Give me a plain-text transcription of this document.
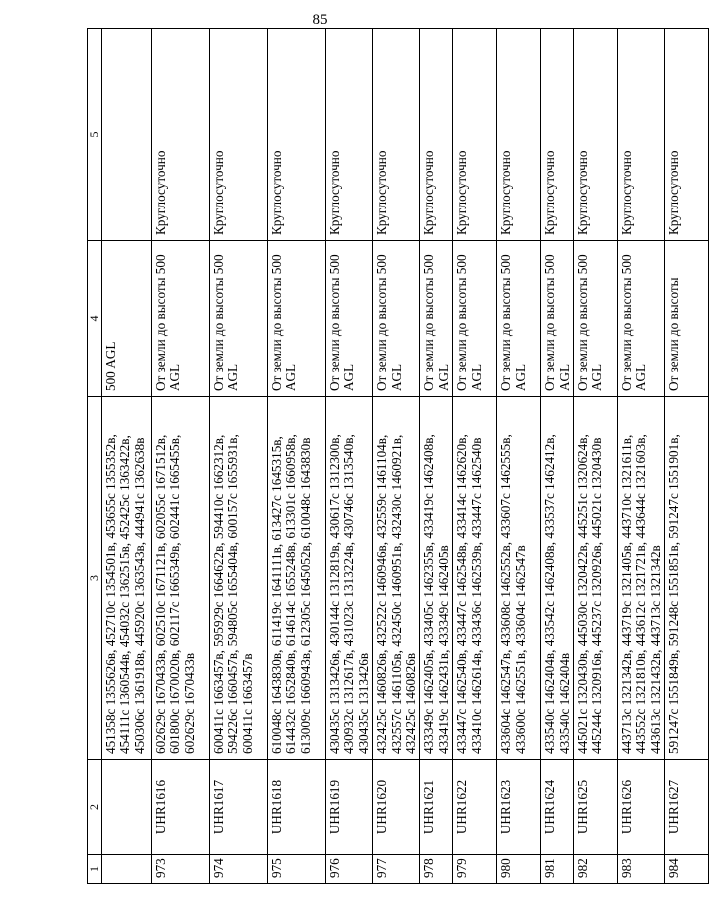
85
1	2	3	4	5
		451358с 1355626в, 452710с 1354501в, 453655с 1355352в, 454111с 1360544в, 454032с 1362515в, 452425с 1363422в, 450306с 1361918в, 445920с 1363543в, 444941с 1362638в	500 AGL	
973	UHR1616	602629с 1670433в, 602510с 1671121в, 602055с 1671512в, 601800с 1670020в, 602117с 1665349в, 602441с 1665455в, 602629с 1670433в	От земли до высоты 500 AGL	Круглосуточно
974	UHR1617	600411с 1663457в, 595929с 1664622в, 594410с 1662312в, 594226с 1660457в, 594805с 1655404в, 600157с 1655931в, 600411с 1663457в	От земли до высоты 500 AGL	Круглосуточно
975	UHR1618	610048с 1643830в, 611419с 1641111в, 613427с 1645315в, 614432с 1652840в, 614614с 1655248в, 613301с 1660958в, 613009с 1660943в, 612305с 1645052в, 610048с 1643830в	От земли до высоты 500 AGL	Круглосуточно
976	UHR1619	430435с 1313426в, 430144с 1312819в, 430617с 1312300в, 430932с 1312617в, 431023с 1313224в, 430746с 1313540в, 430435с 1313426в	От земли до высоты 500 AGL	Круглосуточно
977	UHR1620	432425с 1460826в, 432522с 1460946в, 432559с 1461104в, 432557с 1461105в, 432450с 1460951в, 432430с 1460921в, 432425с 1460826в	От земли до высоты 500 AGL	Круглосуточно
978	UHR1621	433349с 1462405в, 433405с 1462355в, 433419с 1462408в, 433419с 1462431в, 433349с 1462405в	От земли до высоты 500 AGL	Круглосуточно
979	UHR1622	433447с 1462540в, 433447с 1462548в, 433414с 1462620в, 433410с 1462614в, 433436с 1462539в, 433447с 1462540в	От земли до высоты 500 AGL	Круглосуточно
980	UHR1623	433604с 1462547в, 433608с 1462552в, 433607с 1462555в, 433600с 1462551в, 433604с 1462547в	От земли до высоты 500 AGL	Круглосуточно
981	UHR1624	433540с 1462404в, 433542с 1462408в, 433537с 1462412в, 433540с 1462404в	От земли до высоты 500 AGL	Круглосуточно
982	UHR1625	445021с 1320430в, 445030с 1320422в, 445251с 1320624в, 445244с 1320916в, 445237с 1320926в, 445021с 1320430в	От земли до высоты 500 AGL	Круглосуточно
983	UHR1626	443713с 1321342в, 443719с 1321405в, 443710с 1321611в, 443552с 1321810в, 443612с 1321721в, 443644с 1321603в, 443613с 1321432в, 443713с 1321342в	От земли до высоты 500 AGL	Круглосуточно
984	UHR1627	591247с 1551849в, 591248с 1551851в, 591247с 1551901в,	От земли до высоты	Круглосуточно
